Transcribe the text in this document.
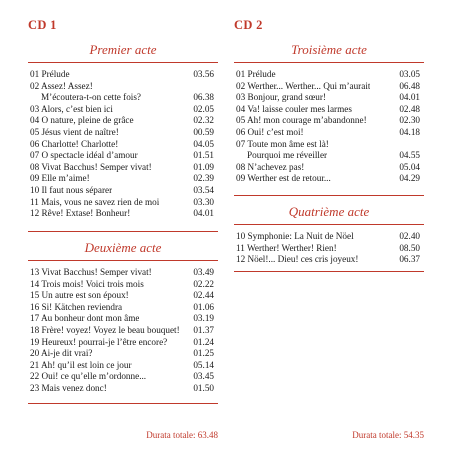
CD 1
Premier acte
01 Prélude	03.56
02 Assez! Assez!
M’écoutera-t-on cette fois?	06.38
03 Alors, c’est bien ici	02.05
04 O nature, pleine de grâce	02.32
05 Jésus vient de naître!	00.59
06 Charlotte! Charlotte!	04.05
07 O spectacle idéal d’amour	01.51
08 Vivat Bacchus! Semper vivat!	01.09
09 Elle m’aime!	02.39
10 Il faut nous séparer	03.54
11 Mais, vous ne savez rien de moi	03.30
12 Rêve! Extase! Bonheur!	04.01
Deuxième acte
13 Vivat Bacchus! Semper vivat!	03.49
14 Trois mois! Voici trois mois	02.22
15 Un autre est son époux!	02.44
16 Si! Kätchen reviendra	01.06
17 Au bonheur dont mon âme	03.19
18 Frère! voyez! Voyez le beau bouquet! 01.37
19 Heureux! pourrai-je l’être encore?	01.24
20 Ai-je dit vrai?	01.25
21 Ah! qu’il est loin ce jour	05.14
22 Oui! ce qu’elle m’ordonne...	03.45
23 Mais venez donc!	01.50
Durata totale: 63.48
CD 2
Troisième acte
01 Prélude	03.05
02 Werther... Werther... Qui m’aurait	06.48
03 Bonjour, grand sœur!	04.01
04 Va! laisse couler mes larmes	02.48
05 Ah! mon courage m’abandonne!	02.30
06 Oui! c’est moi!	04.18
07 Toute mon âme est là!
Pourquoi me réveiller	04.55
08 N’achevez pas!	05.04
09 Werther est de retour...	04.29
Quatrième acte
10 Symphonie: La Nuit de Nöel	02.40
11 Werther! Werther! Rien!	08.50
12 Nöel!... Dieu! ces cris joyeux!	06.37
Durata totale: 54.35
